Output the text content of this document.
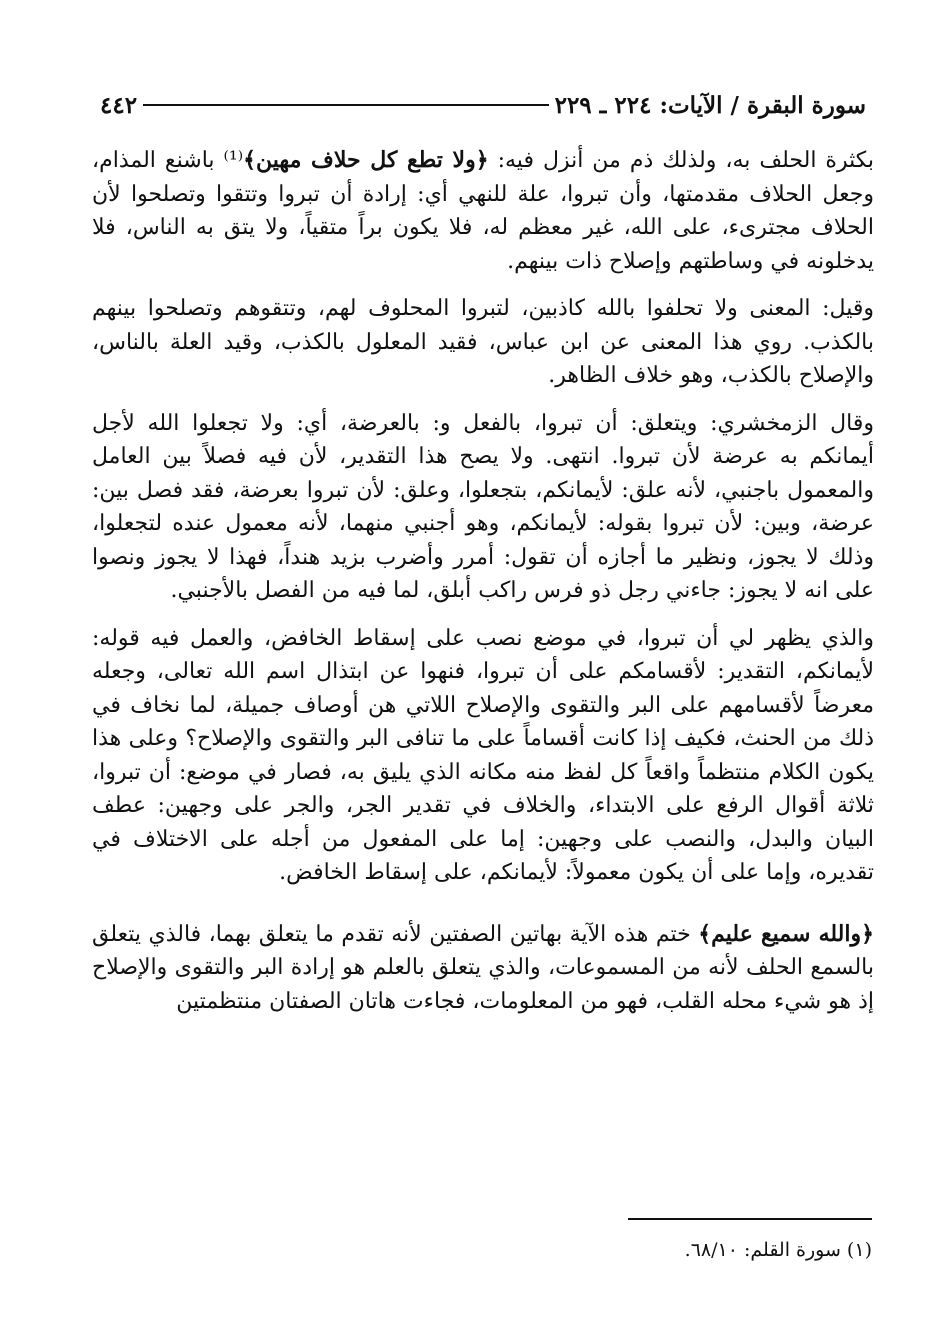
سورة البقرة / الآيات: ٢٢٤ ـ ٢٢٩
٤٤٢

بكثرة الحلف به، ولذلك ذم من أنزل فيه: ﴿ولا تطع كل حلاف مهين﴾⁽¹⁾ باشنع المذام، وجعل الحلاف مقدمتها، وأن تبروا، علة للنهي أي: إرادة أن تبروا وتتقوا وتصلحوا لأن الحلاف مجترىء، على الله، غير معظم له، فلا يكون براً متقياً، ولا يتق به الناس، فلا يدخلونه في وساطتهم وإصلاح ذات بينهم.

وقيل: المعنى ولا تحلفوا بالله كاذبين، لتبروا المحلوف لهم، وتتقوهم وتصلحوا بينهم بالكذب. روي هذا المعنى عن ابن عباس، فقيد المعلول بالكذب، وقيد العلة بالناس، والإصلاح بالكذب، وهو خلاف الظاهر.

وقال الزمخشري: ويتعلق: أن تبروا، بالفعل و: بالعرضة، أي: ولا تجعلوا الله لأجل أيمانكم به عرضة لأن تبروا. انتهى. ولا يصح هذا التقدير، لأن فيه فصلاً بين العامل والمعمول باجنبي، لأنه علق: لأيمانكم، بتجعلوا، وعلق: لأن تبروا بعرضة، فقد فصل بين: عرضة، وبين: لأن تبروا بقوله: لأيمانكم، وهو أجنبي منهما، لأنه معمول عنده لتجعلوا، وذلك لا يجوز، ونظير ما أجازه أن تقول: أمرر وأضرب بزيد هنداً، فهذا لا يجوز ونصوا على انه لا يجوز: جاءني رجل ذو فرس راكب أبلق، لما فيه من الفصل بالأجنبي.

والذي يظهر لي أن تبروا، في موضع نصب على إسقاط الخافض، والعمل فيه قوله: لأيمانكم، التقدير: لأقسامكم على أن تبروا، فنهوا عن ابتذال اسم الله تعالى، وجعله معرضاً لأقسامهم على البر والتقوى والإصلاح اللاتي هن أوصاف جميلة، لما نخاف في ذلك من الحنث، فكيف إذا كانت أقساماً على ما تنافى البر والتقوى والإصلاح؟ وعلى هذا يكون الكلام منتظماً واقعاً كل لفظ منه مكانه الذي يليق به، فصار في موضع: أن تبروا، ثلاثة أقوال الرفع على الابتداء، والخلاف في تقدير الجر، والجر على وجهين: عطف البيان والبدل، والنصب على وجهين: إما على المفعول من أجله على الاختلاف في تقديره، وإما على أن يكون معمولاً: لأيمانكم، على إسقاط الخافض.

﴿والله سميع عليم﴾ ختم هذه الآية بهاتين الصفتين لأنه تقدم ما يتعلق بهما، فالذي يتعلق بالسمع الحلف لأنه من المسموعات، والذي يتعلق بالعلم هو إرادة البر والتقوى والإصلاح إذ هو شيء محله القلب، فهو من المعلومات، فجاءت هاتان الصفتان منتظمتين

(١) سورة القلم: ٦٨/١٠.
